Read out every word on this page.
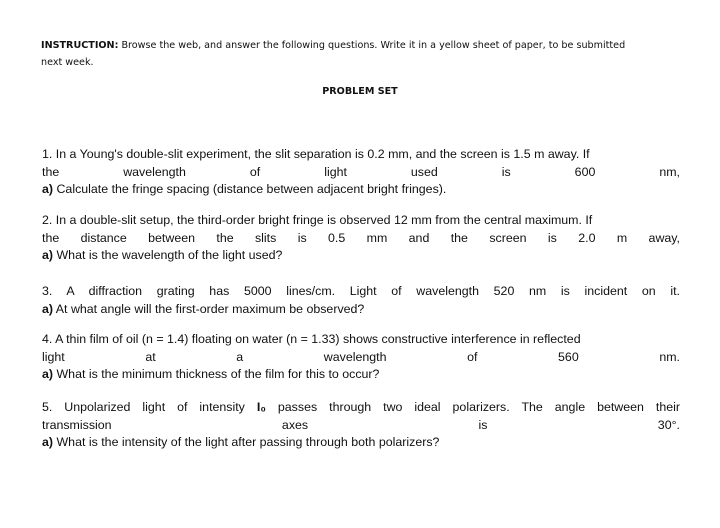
INSTRUCTION: Browse the web, and answer the following questions. Write it in a yellow sheet of paper, to be submitted
next week.
PROBLEM SET
1. In a Young's double-slit experiment, the slit separation is 0.2 mm, and the screen is 1.5 m away. If
the wavelength of light used is 600 nm,
a) Calculate the fringe spacing (distance between adjacent bright fringes).
2. In a double-slit setup, the third-order bright fringe is observed 12 mm from the central maximum. If
the distance between the slits is 0.5 mm and the screen is 2.0 m away,
a) What is the wavelength of the light used?
3. A diffraction grating has 5000 lines/cm. Light of wavelength 520 nm is incident on it.
a) At what angle will the first-order maximum be observed?
4. A thin film of oil (n = 1.4) floating on water (n = 1.33) shows constructive interference in reflected
light at a wavelength of 560 nm.
a) What is the minimum thickness of the film for this to occur?
5. Unpolarized light of intensity I₀ passes through two ideal polarizers. The angle between their
transmission axes is 30°.
a) What is the intensity of the light after passing through both polarizers?
